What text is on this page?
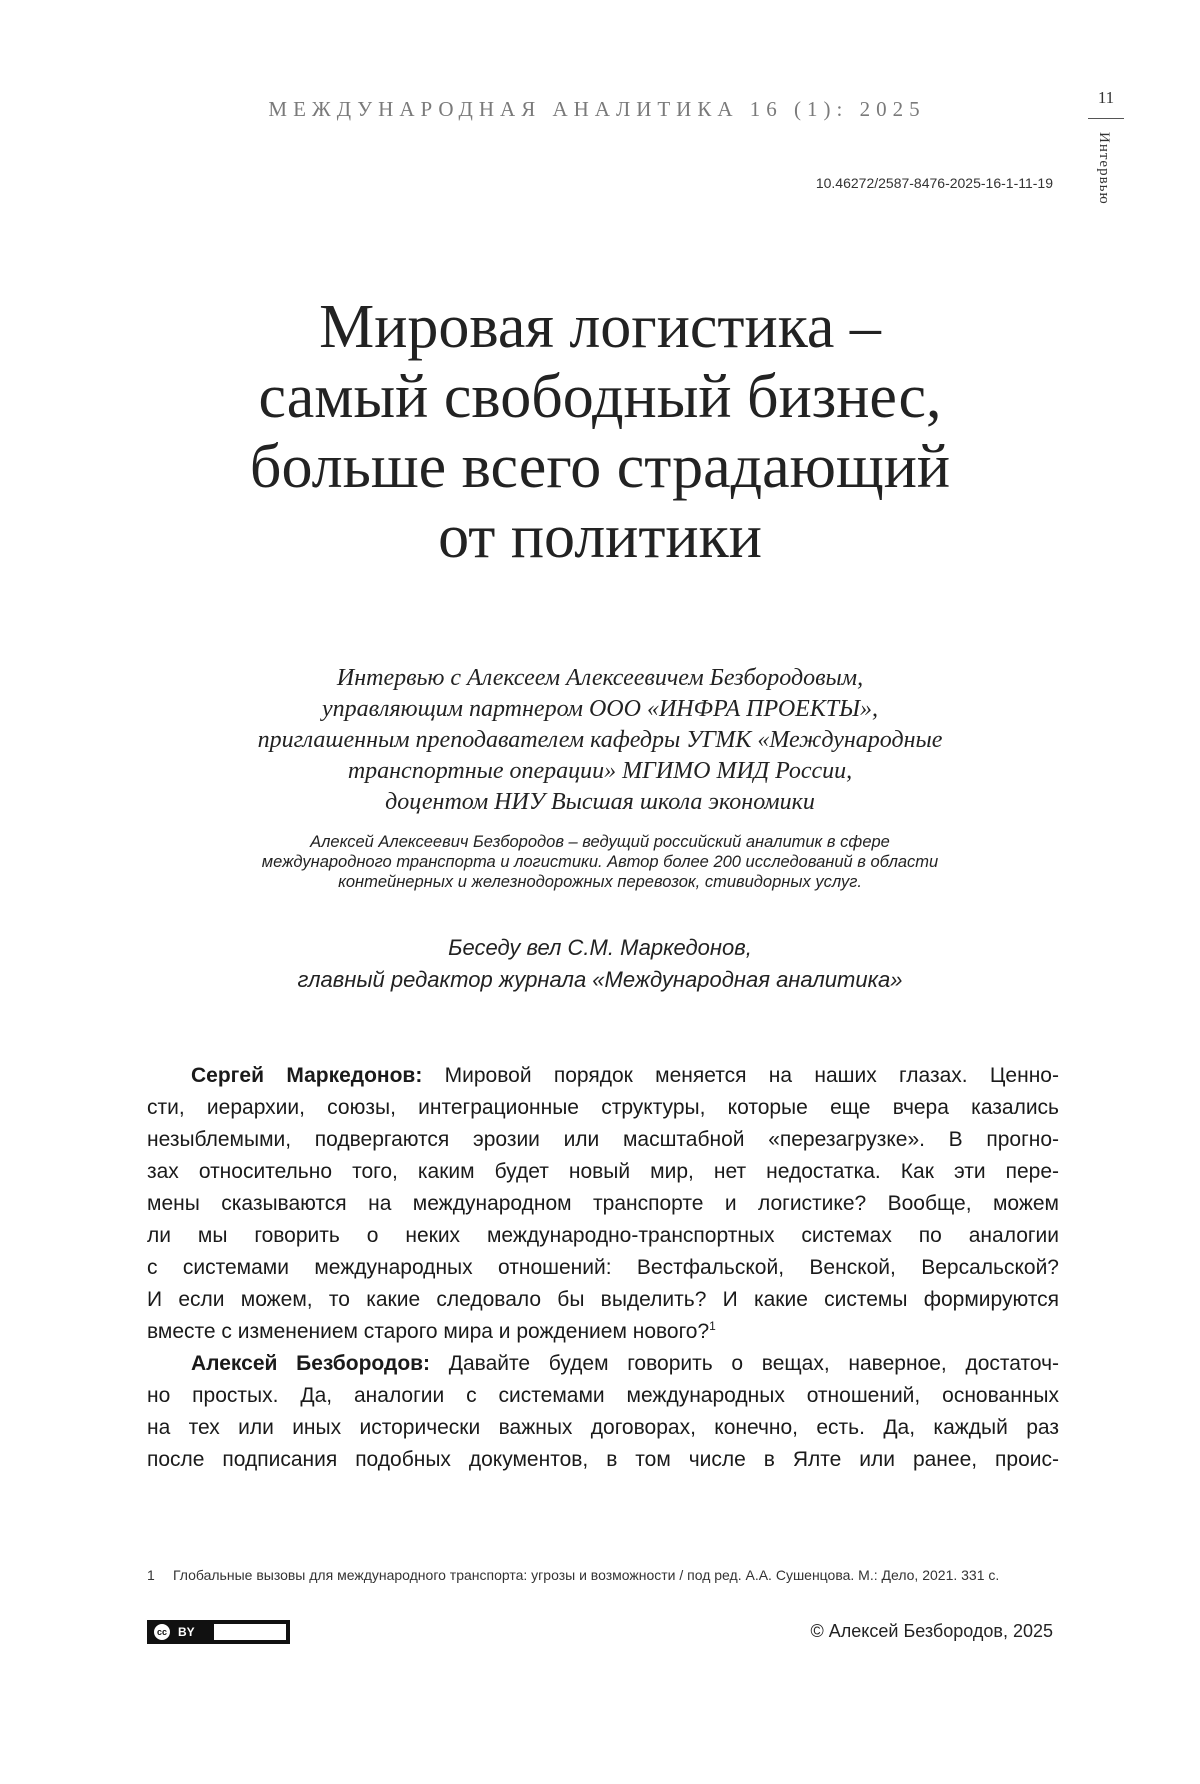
МЕЖДУНАРОДНАЯ АНАЛИТИКА 16 (1): 2025	11
Интервью
10.46272/2587-8476-2025-16-1-11-19
Мировая логистика –
самый свободный бизнес,
больше всего страдающий
от политики
Интервью с Алексеем Алексеевичем Безбородовым,
управляющим партнером ООО «ИНФРА ПРОЕКТЫ»,
приглашенным преподавателем кафедры УГМК «Международные
транспортные операции» МГИМО МИД России,
доцентом НИУ Высшая школа экономики
Алексей Алексеевич Безбородов – ведущий российский аналитик в сфере
международного транспорта и логистики. Автор более 200 исследований в области
контейнерных и железнодорожных перевозок, стивидорных услуг.
Беседу вел С.М. Маркедонов,
главный редактор журнала «Международная аналитика»
Сергей Маркедонов: Мировой порядок меняется на наших глазах. Ценно-
сти, иерархии, союзы, интеграционные структуры, которые еще вчера казались
незыблемыми, подвергаются эрозии или масштабной «перезагрузке». В прогно-
зах относительно того, каким будет новый мир, нет недостатка. Как эти пере-
мены сказываются на международном транспорте и логистике? Вообще, можем
ли мы говорить о неких международно-транспортных системах по аналогии
с системами международных отношений: Вестфальской, Венской, Версальской?
И если можем, то какие следовало бы выделить? И какие системы формируются
вместе с изменением старого мира и рождением нового?$^1$
Алексей Безбородов: Давайте будем говорить о вещах, наверное, достаточ-
но простых. Да, аналогии с системами международных отношений, основанных
на тех или иных исторически важных договорах, конечно, есть. Да, каждый раз
после подписания подобных документов, в том числе в Ялте или ранее, проис-
1 Глобальные вызовы для международного транспорта: угрозы и возможности / под ред. А.А. Сушенцова. М.: Дело, 2021. 331 с.
cc BY	© Алексей Безбородов, 2025
